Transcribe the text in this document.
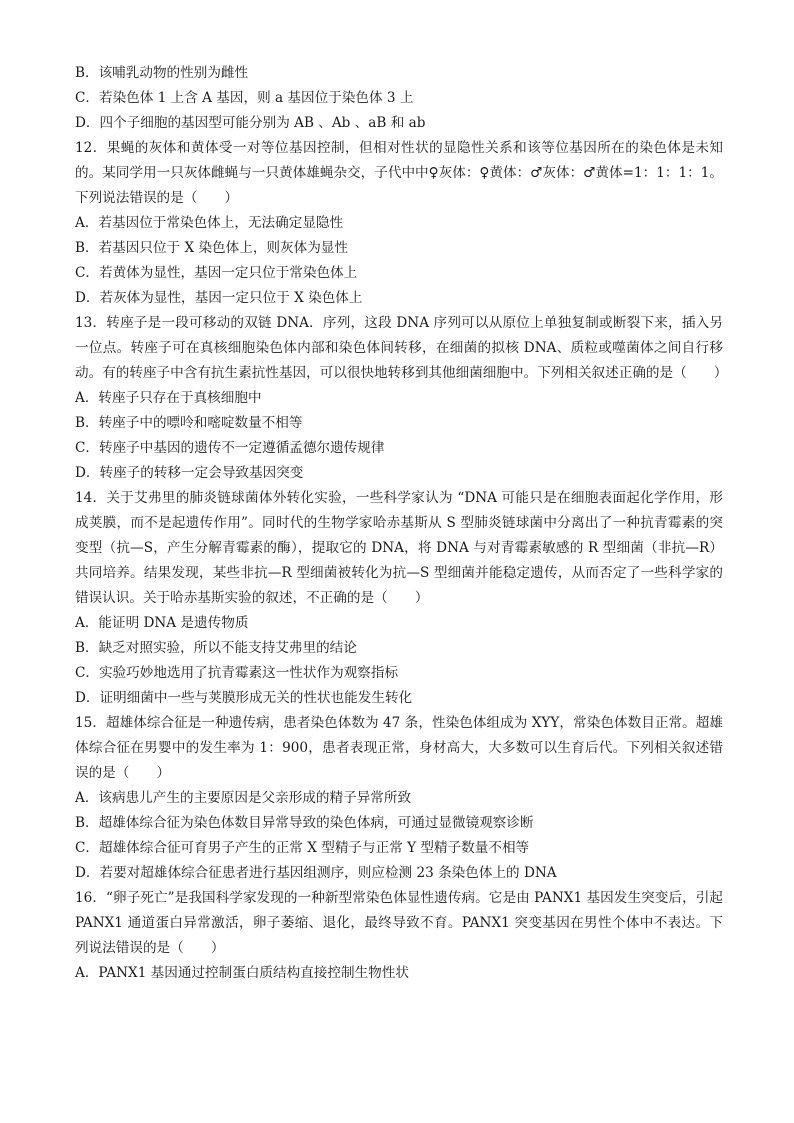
B．该哺乳动物的性别为雌性
C．若染色体 1 上含 A 基因，则 a 基因位于染色体 3 上
D．四个子细胞的基因型可能分别为 AB 、Ab 、aB 和 ab
12．果蝇的灰体和黄体受一对等位基因控制，但相对性状的显隐性关系和该等位基因所在的染色体是未知的。某同学用一只灰体雌蝇与一只黄体雄蝇杂交，子代中中♀灰体：♀黄体：♂灰体：♂黄体=1：1：1：1。下列说法错误的是（　　）
A．若基因位于常染色体上，无法确定显隐性
B．若基因只位于 X 染色体上，则灰体为显性
C．若黄体为显性，基因一定只位于常染色体上
D．若灰体为显性，基因一定只位于 X 染色体上
13．转座子是一段可移动的双链 DNA．序列，这段 DNA 序列可以从原位上单独复制或断裂下来，插入另一位点。转座子可在真核细胞染色体内部和染色体间转移，在细菌的拟核 DNA、质粒或噬菌体之间自行移动。有的转座子中含有抗生素抗性基因，可以很快地转移到其他细菌细胞中。下列相关叙述正确的是（　　）
A．转座子只存在于真核细胞中
B．转座子中的嘌呤和嘧啶数量不相等
C．转座子中基因的遗传不一定遵循孟德尔遗传规律
D．转座子的转移一定会导致基因突变
14．关于艾弗里的肺炎链球菌体外转化实验，一些科学家认为 “DNA 可能只是在细胞表面起化学作用，形成荚膜，而不是起遗传作用”。同时代的生物学家哈赤基斯从 S 型肺炎链球菌中分离出了一种抗青霉素的突变型（抗—S，产生分解青霉素的酶），提取它的 DNA，将 DNA 与对青霉素敏感的 R 型细菌（非抗—R）共同培养。结果发现，某些非抗—R 型细菌被转化为抗—S 型细菌并能稳定遗传，从而否定了一些科学家的错误认识。关于哈赤基斯实验的叙述，不正确的是（　　）
A．能证明 DNA 是遗传物质
B．缺乏对照实验，所以不能支持艾弗里的结论
C．实验巧妙地选用了抗青霉素这一性状作为观察指标
D．证明细菌中一些与荚膜形成无关的性状也能发生转化
15．超雄体综合征是一种遗传病，患者染色体数为 47 条，性染色体组成为 XYY，常染色体数目正常。超雄体综合征在男婴中的发生率为 1：900，患者表现正常，身材高大，大多数可以生育后代。下列相关叙述错误的是（　　）
A．该病患儿产生的主要原因是父亲形成的精子异常所致
B．超雄体综合征为染色体数目异常导致的染色体病，可通过显微镜观察诊断
C．超雄体综合征可育男子产生的正常 X 型精子与正常 Y 型精子数量不相等
D．若要对超雄体综合征患者进行基因组测序，则应检测 23 条染色体上的 DNA
16．“卵子死亡”是我国科学家发现的一种新型常染色体显性遗传病。它是由 PANX1 基因发生突变后，引起 PANX1 通道蛋白异常激活，卵子萎缩、退化，最终导致不育。PANX1 突变基因在男性个体中不表达。下列说法错误的是（　　）
A．PANX1 基因通过控制蛋白质结构直接控制生物性状
